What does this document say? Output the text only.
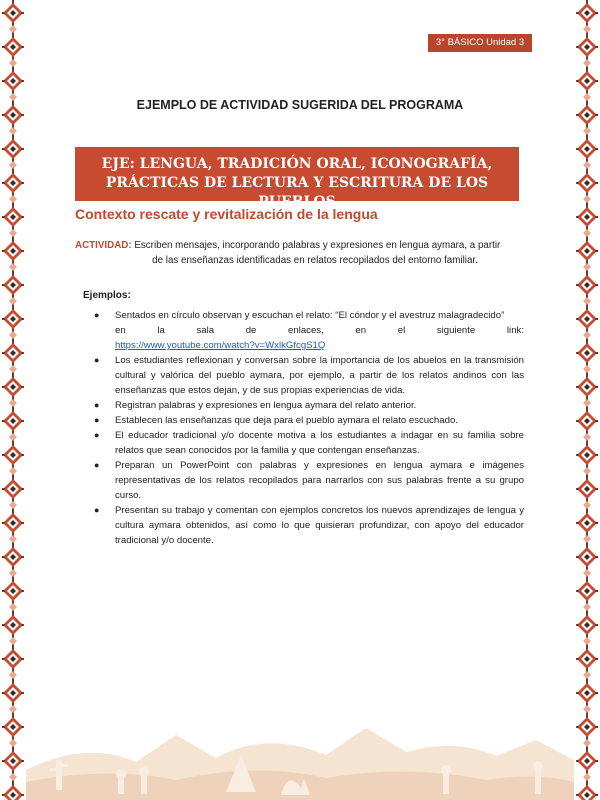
3° BÁSICO Unidad 3
EJEMPLO DE ACTIVIDAD SUGERIDA DEL PROGRAMA
EJE: LENGUA, TRADICIÓN ORAL, ICONOGRAFÍA,
PRÁCTICAS DE LECTURA Y ESCRITURA DE LOS PUEBLOS
Contexto rescate y revitalización de la lengua
ACTIVIDAD: Escriben mensajes, incorporando palabras y expresiones en lengua aymara, a partir
de las enseñanzas identificadas en relatos recopilados del entorno familiar.
Ejemplos:
● Sentados en círculo observan y escuchan el relato: “El cóndor y el avestruz malagradecido”
en la sala de enlaces, en el siguiente link:
https://www.youtube.com/watch?v=WxlkGfcgS1Q
● Los estudiantes reflexionan y conversan sobre la importancia de los abuelos en la transmisión cultural y valórica del pueblo aymara, por ejemplo, a partir de los relatos andinos con las enseñanzas que estos dejan, y de sus propias experiencias de vida.
● Registran palabras y expresiones en lengua aymara del relato anterior.
● Establecen las enseñanzas que deja para el pueblo aymara el relato escuchado.
● El educador tradicional y/o docente motiva a los estudiantes a indagar en su familia sobre relatos que sean conocidos por la familia y que contengan enseñanzas.
● Preparan un PowerPoint con palabras y expresiones en lengua aymara e imágenes representativas de los relatos recopilados para narrarlos con sus palabras frente a su grupo curso.
● Presentan su trabajo y comentan con ejemplos concretos los nuevos aprendizajes de lengua y cultura aymara obtenidos, así como lo que quisieran profundizar, con apoyo del educador tradicional y/o docente.
